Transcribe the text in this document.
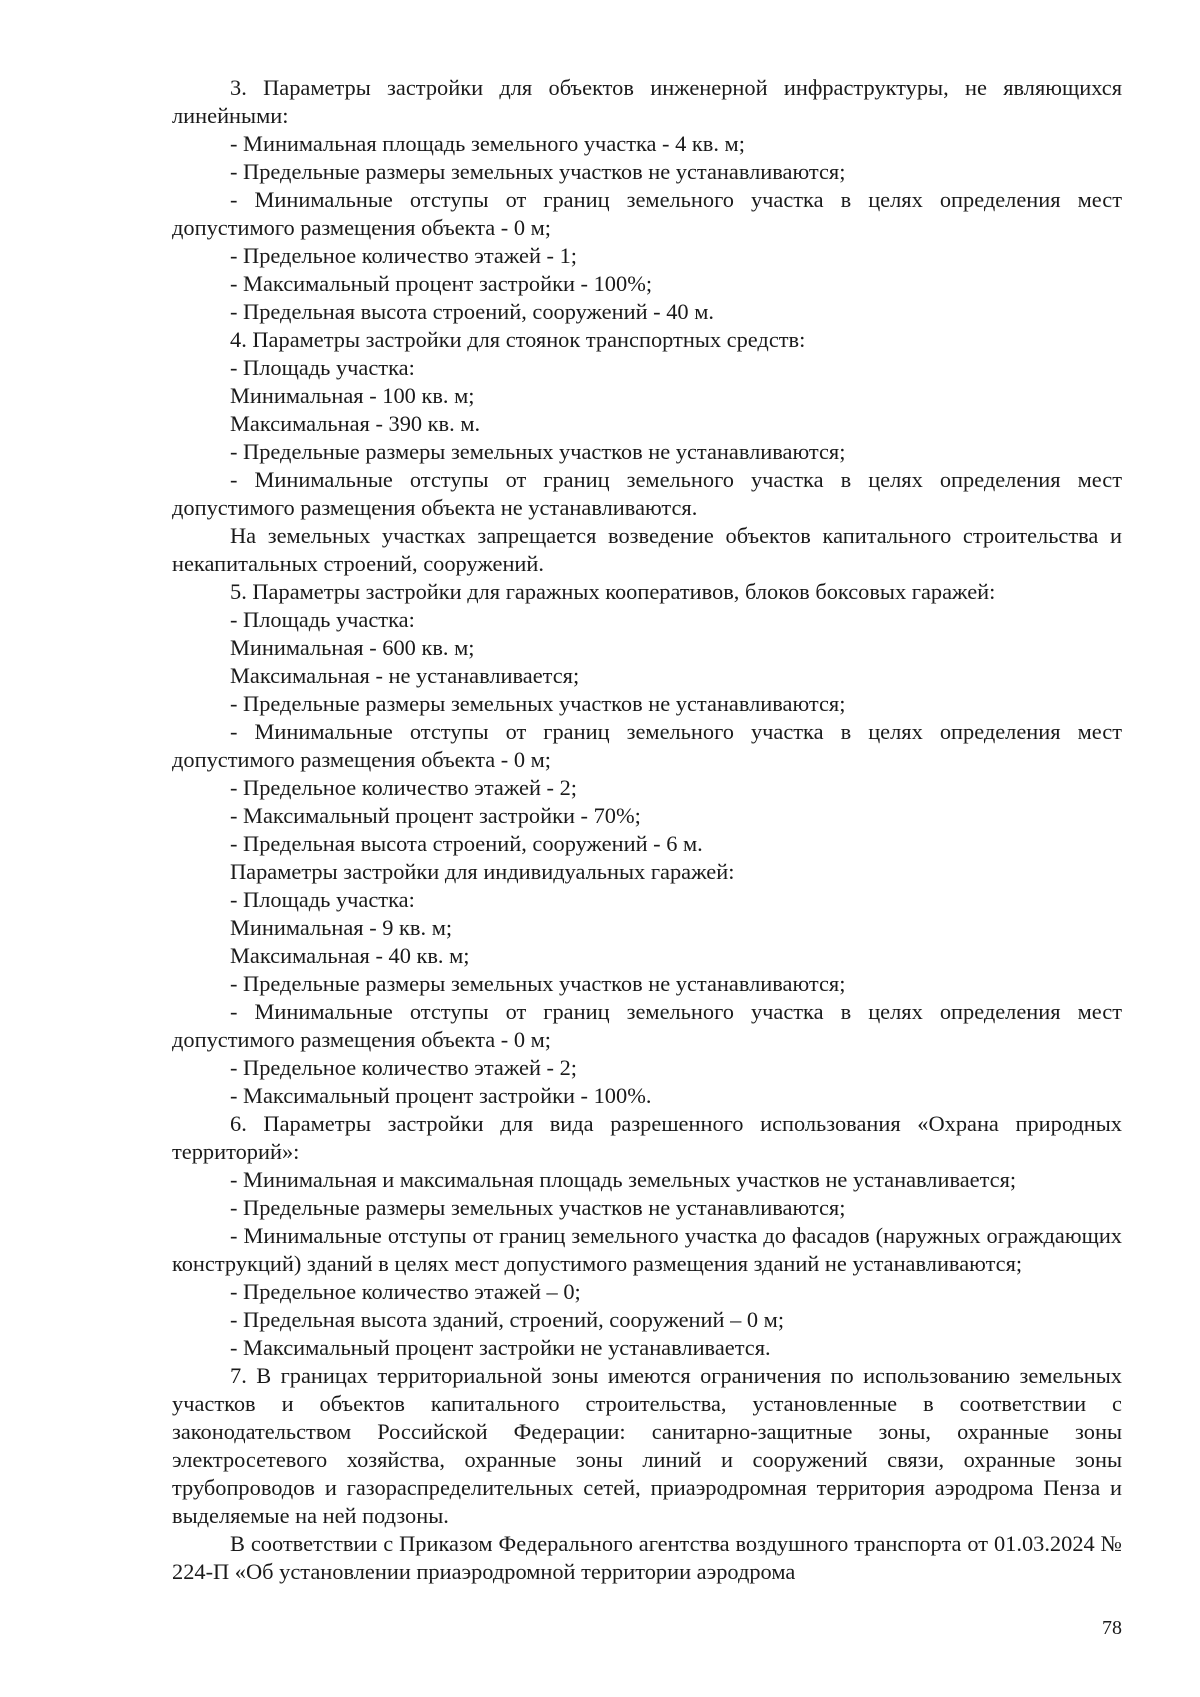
3. Параметры застройки для объектов инженерной инфраструктуры, не являющихся линейными:

- Минимальная площадь земельного участка - 4 кв. м;

- Предельные размеры земельных участков не устанавливаются;

- Минимальные отступы от границ земельного участка в целях определения мест допустимого размещения объекта - 0 м;

- Предельное количество этажей - 1;

- Максимальный процент застройки - 100%;

- Предельная высота строений, сооружений - 40 м.

4. Параметры застройки для стоянок транспортных средств:

- Площадь участка:

Минимальная - 100 кв. м;

Максимальная - 390 кв. м.

- Предельные размеры земельных участков не устанавливаются;

- Минимальные отступы от границ земельного участка в целях определения мест допустимого размещения объекта не устанавливаются.

На земельных участках запрещается возведение объектов капитального строительства и некапитальных строений, сооружений.

5. Параметры застройки для гаражных кооперативов, блоков боксовых гаражей:

- Площадь участка:

Минимальная - 600 кв. м;

Максимальная - не устанавливается;

- Предельные размеры земельных участков не устанавливаются;

- Минимальные отступы от границ земельного участка в целях определения мест допустимого размещения объекта - 0 м;

- Предельное количество этажей - 2;

- Максимальный процент застройки - 70%;

- Предельная высота строений, сооружений - 6 м.

Параметры застройки для индивидуальных гаражей:

- Площадь участка:

Минимальная - 9 кв. м;

Максимальная - 40 кв. м;

- Предельные размеры земельных участков не устанавливаются;

- Минимальные отступы от границ земельного участка в целях определения мест допустимого размещения объекта - 0 м;

- Предельное количество этажей - 2;

- Максимальный процент застройки - 100%.

6. Параметры застройки для вида разрешенного использования «Охрана природных территорий»:

- Минимальная и максимальная площадь земельных участков не устанавливается;

- Предельные размеры земельных участков не устанавливаются;

- Минимальные отступы от границ земельного участка до фасадов (наружных ограждающих конструкций) зданий в целях мест допустимого размещения зданий не устанавливаются;

- Предельное количество этажей – 0;

- Предельная высота зданий, строений, сооружений – 0 м;

- Максимальный процент застройки не устанавливается.

7. В границах территориальной зоны имеются ограничения по использованию земельных участков и объектов капитального строительства, установленные в соответствии с законодательством Российской Федерации: санитарно-защитные зоны, охранные зоны электросетевого хозяйства, охранные зоны линий и сооружений связи, охранные зоны трубопроводов и газораспределительных сетей, приаэродромная территория аэродрома Пенза и выделяемые на ней подзоны.

В соответствии с Приказом Федерального агентства воздушного транспорта от 01.03.2024 № 224-П «Об установлении приаэродромной территории аэродрома

78
